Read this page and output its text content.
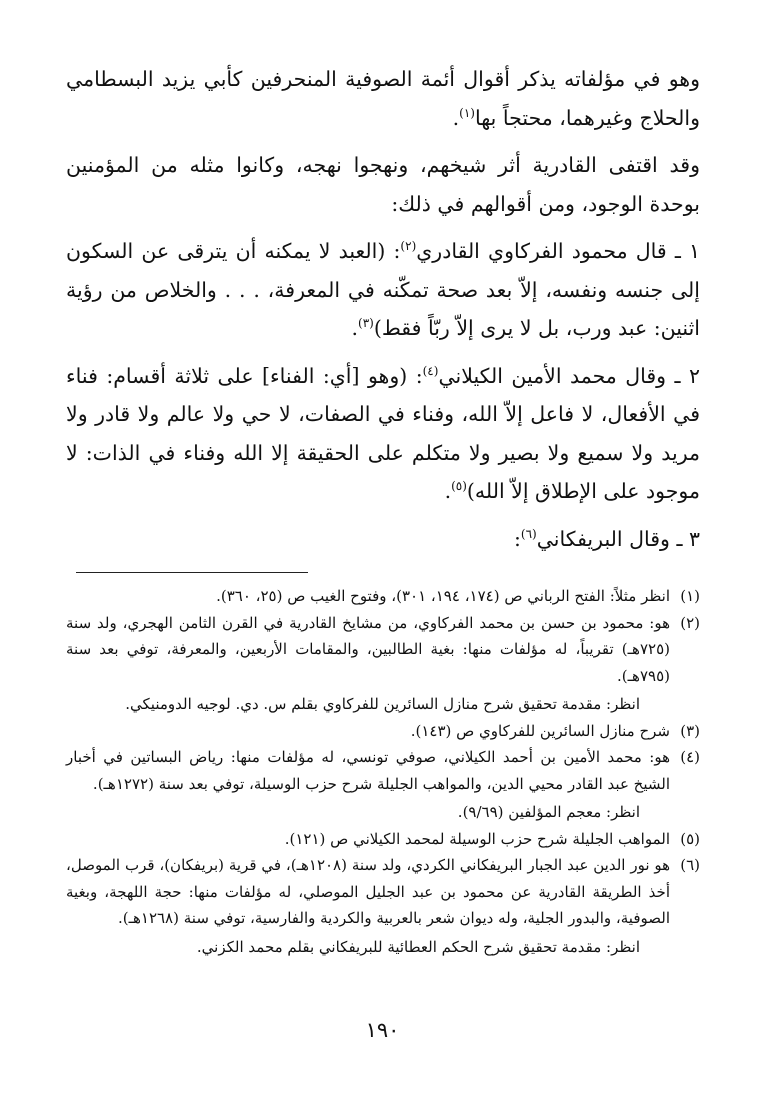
وهو في مؤلفاته يذكر أقوال أئمة الصوفية المنحرفين كأبي يزيد البسطامي والحلاج وغيرهما، محتجاً بها$^{(١)}$.

وقد اقتفى القادرية أثر شيخهم، ونهجوا نهجه، وكانوا مثله من المؤمنين بوحدة الوجود، ومن أقوالهم في ذلك:

١ ـ قال محمود الفركاوي القادري$^{(٢)}$: (العبد لا يمكنه أن يترقى عن السكون إلى جنسه ونفسه، إلاّ بعد صحة تمكّنه في المعرفة، . . . والخلاص من رؤية اثنين: عبد ورب، بل لا يرى إلاّ ربّاً فقط)$^{(٣)}$.

٢ ـ وقال محمد الأمين الكيلاني$^{(٤)}$: (وهو [أي: الفناء] على ثلاثة أقسام: فناء في الأفعال، لا فاعل إلاّ الله، وفناء في الصفات، لا حي ولا عالم ولا قادر ولا مريد ولا سميع ولا بصير ولا متكلم على الحقيقة إلا الله وفناء في الذات: لا موجود على الإطلاق إلاّ الله)$^{(٥)}$.

٣ ـ وقال البريفكاني$^{(٦)}$:

(١)
انظر مثلاً: الفتح الرباني ص (١٧٤، ١٩٤، ٣٠١)، وفتوح الغيب ص (٢٥، ٣٦٠).
(٢)
هو: محمود بن حسن بن محمد الفركاوي، من مشايخ القادرية في القرن الثامن الهجري، ولد سنة (٧٢٥هـ) تقريباً، له مؤلفات منها: بغية الطالبين، والمقامات الأربعين، والمعرفة، توفي بعد سنة (٧٩٥هـ).
انظر: مقدمة تحقيق شرح منازل السائرين للفركاوي بقلم س. دي. لوجيه الدومنيكي.
(٣)
شرح منازل السائرين للفركاوي ص (١٤٣).
(٤)
هو: محمد الأمين بن أحمد الكيلاني، صوفي تونسي، له مؤلفات منها: رياض البساتين في أخبار الشيخ عبد القادر محيي الدين، والمواهب الجليلة شرح حزب الوسيلة، توفي بعد سنة (١٢٧٢هـ).
انظر: معجم المؤلفين (٩/٦٩).
(٥)
المواهب الجليلة شرح حزب الوسيلة لمحمد الكيلاني ص (١٢١).
(٦)
هو نور الدين عبد الجبار البريفكاني الكردي، ولد سنة (١٢٠٨هـ)، في قرية (بريفكان)، قرب الموصل، أخذ الطريقة القادرية عن محمود بن عبد الجليل الموصلي، له مؤلفات منها: حجة اللهجة، وبغية الصوفية، والبدور الجلية، وله ديوان شعر بالعربية والكردية والفارسية، توفي سنة (١٢٦٨هـ).
انظر: مقدمة تحقيق شرح الحكم العطائية للبريفكاني بقلم محمد الكزني.
١٩٠
